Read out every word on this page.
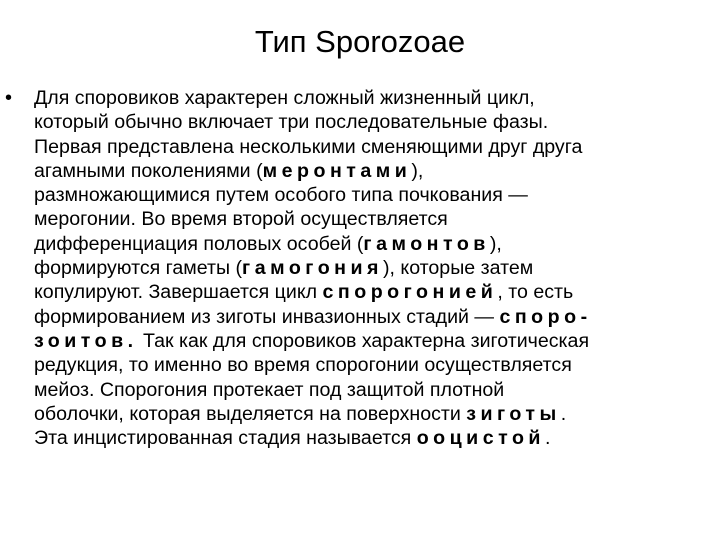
Тип Sporozoae
• Для споровиков характерен сложный жизненный цикл,
который обычно включает три последовательные фазы.
Первая представлена несколькими сменяющими друг друга
агамными поколениями (меронтами),
размножающимися путем особого типа почкования —
мерогонии. Во время второй осуществляется
дифференциация половых особей (гамонтов),
формируются гаметы (гамогония), которые затем
копулируют. Завершается цикл спорогонией, то есть
формированием из зиготы инвазионных стадий — споро-
зоитов. Так как для споровиков характерна зиготическая
редукция, то именно во время спорогонии осуществляется
мейоз. Спорогония протекает под защитой плотной
оболочки, которая выделяется на поверхности зиготы.
Эта инцистированная стадия называется ооцистой.
